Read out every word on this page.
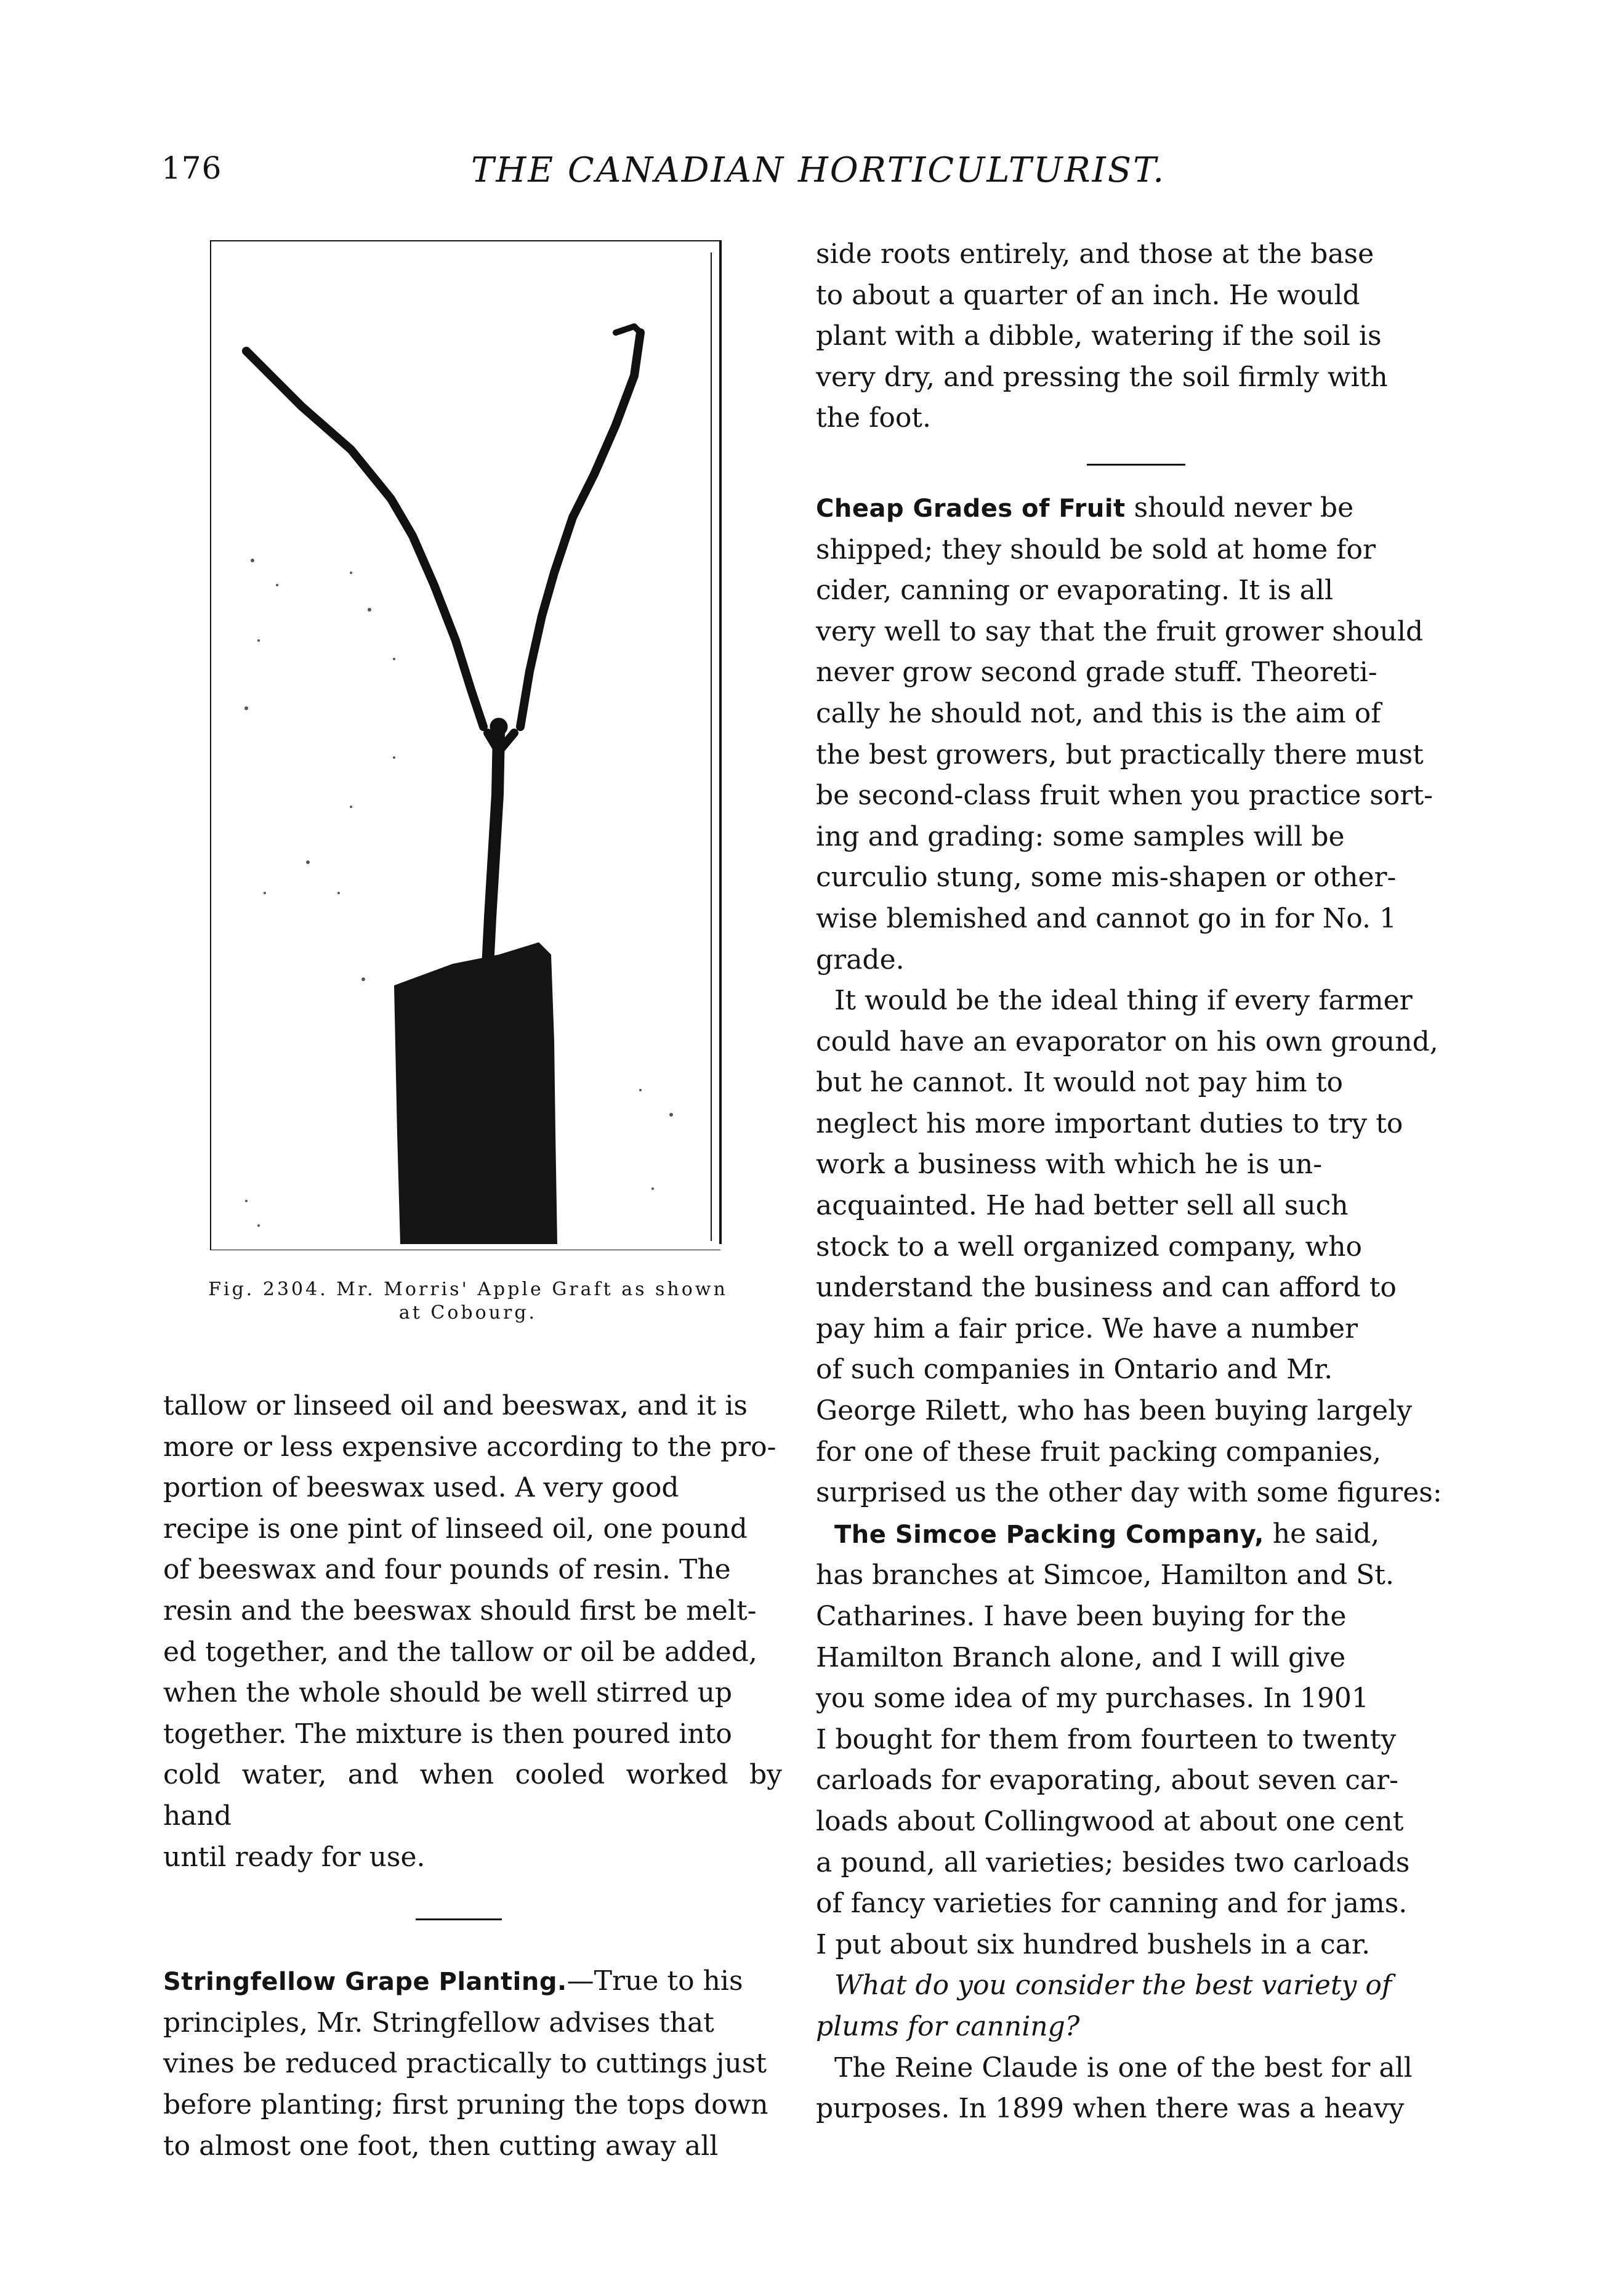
176	THE CANADIAN HORTICULTURIST.
Fig. 2304. Mr. Morris' Apple Graft as shown
at Cobourg.

tallow or linseed oil and beeswax, and it is
more or less expensive according to the pro-
portion of beeswax used. A very good
recipe is one pint of linseed oil, one pound
of beeswax and four pounds of resin. The
resin and the beeswax should first be melt-
ed together, and the tallow or oil be added,
when the whole should be well stirred up
together. The mixture is then poured into
cold water, and when cooled worked by hand
until ready for use.

Stringfellow Grape Planting.—True to his
principles, Mr. Stringfellow advises that
vines be reduced practically to cuttings just
before planting; first pruning the tops down
to almost one foot, then cutting away all

side roots entirely, and those at the base
to about a quarter of an inch. He would
plant with a dibble, watering if the soil is
very dry, and pressing the soil firmly with
the foot.

Cheap Grades of Fruit should never be
shipped; they should be sold at home for
cider, canning or evaporating. It is all
very well to say that the fruit grower should
never grow second grade stuff. Theoreti-
cally he should not, and this is the aim of
the best growers, but practically there must
be second-class fruit when you practice sort-
ing and grading: some samples will be
curculio stung, some mis-shapen or other-
wise blemished and cannot go in for No. 1
grade.

It would be the ideal thing if every farmer
could have an evaporator on his own ground,
but he cannot. It would not pay him to
neglect his more important duties to try to
work a business with which he is un-
acquainted. He had better sell all such
stock to a well organized company, who
understand the business and can afford to
pay him a fair price. We have a number
of such companies in Ontario and Mr.
George Rilett, who has been buying largely
for one of these fruit packing companies,
surprised us the other day with some figures:

The Simcoe Packing Company, he said,
has branches at Simcoe, Hamilton and St.
Catharines. I have been buying for the
Hamilton Branch alone, and I will give
you some idea of my purchases. In 1901
I bought for them from fourteen to twenty
carloads for evaporating, about seven car-
loads about Collingwood at about one cent
a pound, all varieties; besides two carloads
of fancy varieties for canning and for jams.
I put about six hundred bushels in a car.

What do you consider the best variety of
plums for canning?

The Reine Claude is one of the best for all
purposes. In 1899 when there was a heavy
